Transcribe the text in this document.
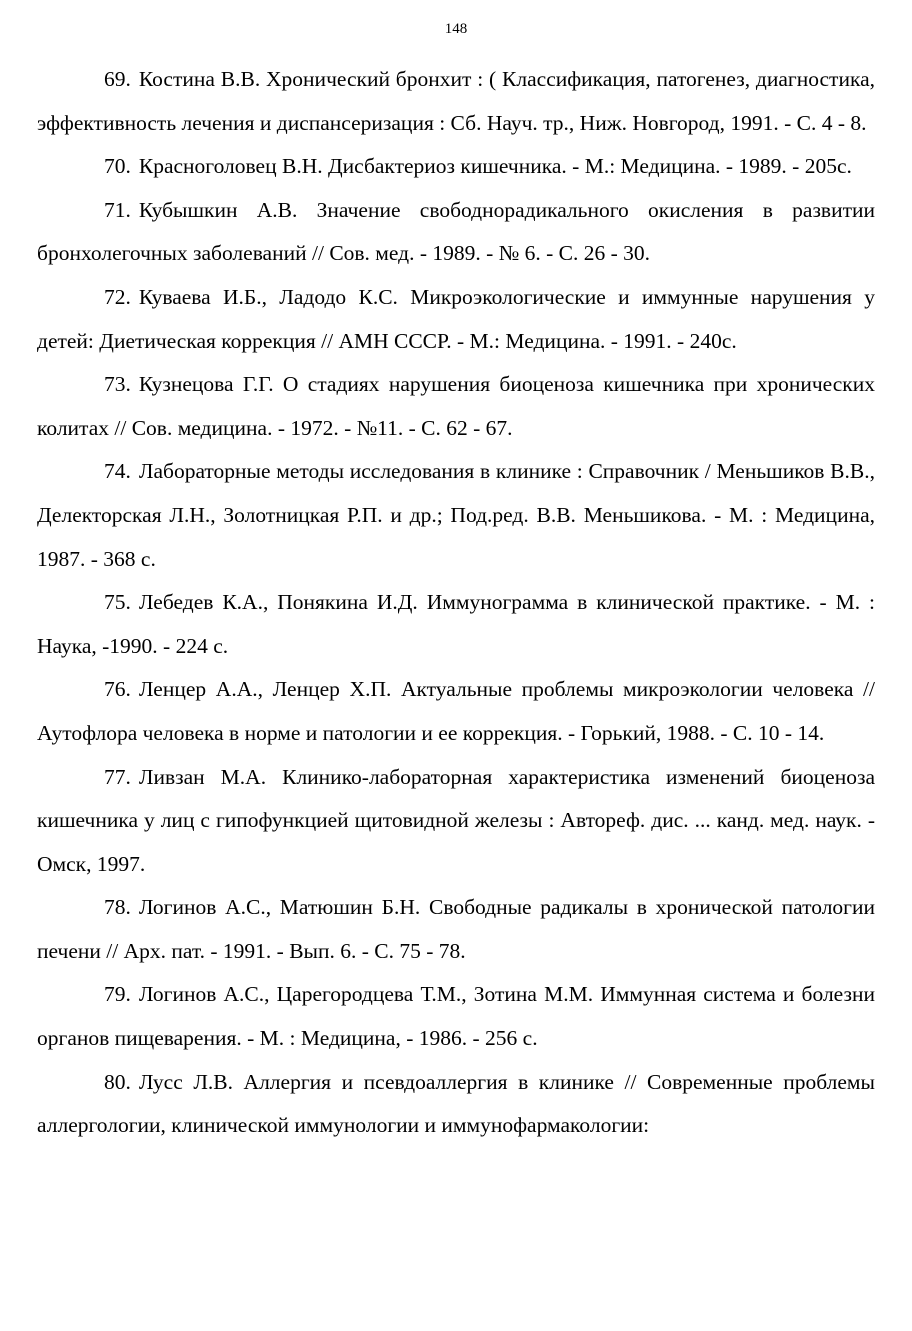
148
69. Костина В.В. Хронический бронхит : ( Классификация, патогенез, диагностика, эффективность лечения и диспансеризация : Сб. Науч. тр., Ниж. Новгород, 1991. - С. 4 - 8.
70. Красноголовец В.Н. Дисбактериоз кишечника. - М.: Медицина. - 1989. - 205с.
71. Кубышкин А.В. Значение свободнорадикального окисления в развитии бронхолегочных заболеваний // Сов. мед. - 1989. - № 6. - С. 26 - 30.
72. Куваева И.Б., Ладодо К.С. Микроэкологические и иммунные нарушения у детей: Диетическая коррекция // АМН СССР. - М.: Медицина. - 1991. - 240с.
73. Кузнецова Г.Г. О стадиях нарушения биоценоза кишечника при хронических колитах // Сов. медицина. - 1972. - №11. - С. 62 - 67.
74. Лабораторные методы исследования в клинике : Справочник / Меньшиков В.В., Делекторская Л.Н., Золотницкая Р.П. и др.; Под.ред. В.В. Меньшикова. - М. : Медицина, 1987. - 368 с.
75. Лебедев К.А., Понякина И.Д. Иммунограмма в клинической практике. - М. : Наука, -1990. - 224 с.
76. Ленцер А.А., Ленцер Х.П. Актуальные проблемы микроэкологии человека // Аутофлора человека в норме и патологии и ее коррекция. - Горький, 1988. - С. 10 - 14.
77. Ливзан М.А. Клинико-лабораторная характеристика изменений биоценоза кишечника у лиц с гипофункцией щитовидной железы : Автореф. дис. ... канд. мед. наук. - Омск, 1997.
78. Логинов А.С., Матюшин Б.Н. Свободные радикалы в хронической патологии печени // Арх. пат. - 1991. - Вып. 6. - С. 75 - 78.
79. Логинов А.С., Царегородцева Т.М., Зотина М.М. Иммунная система и болезни органов пищеварения. - М. : Медицина, - 1986. - 256 с.
80. Лусс Л.В. Аллергия и псевдоаллергия в клинике // Современные проблемы аллергологии, клинической иммунологии и иммунофармакологии:
